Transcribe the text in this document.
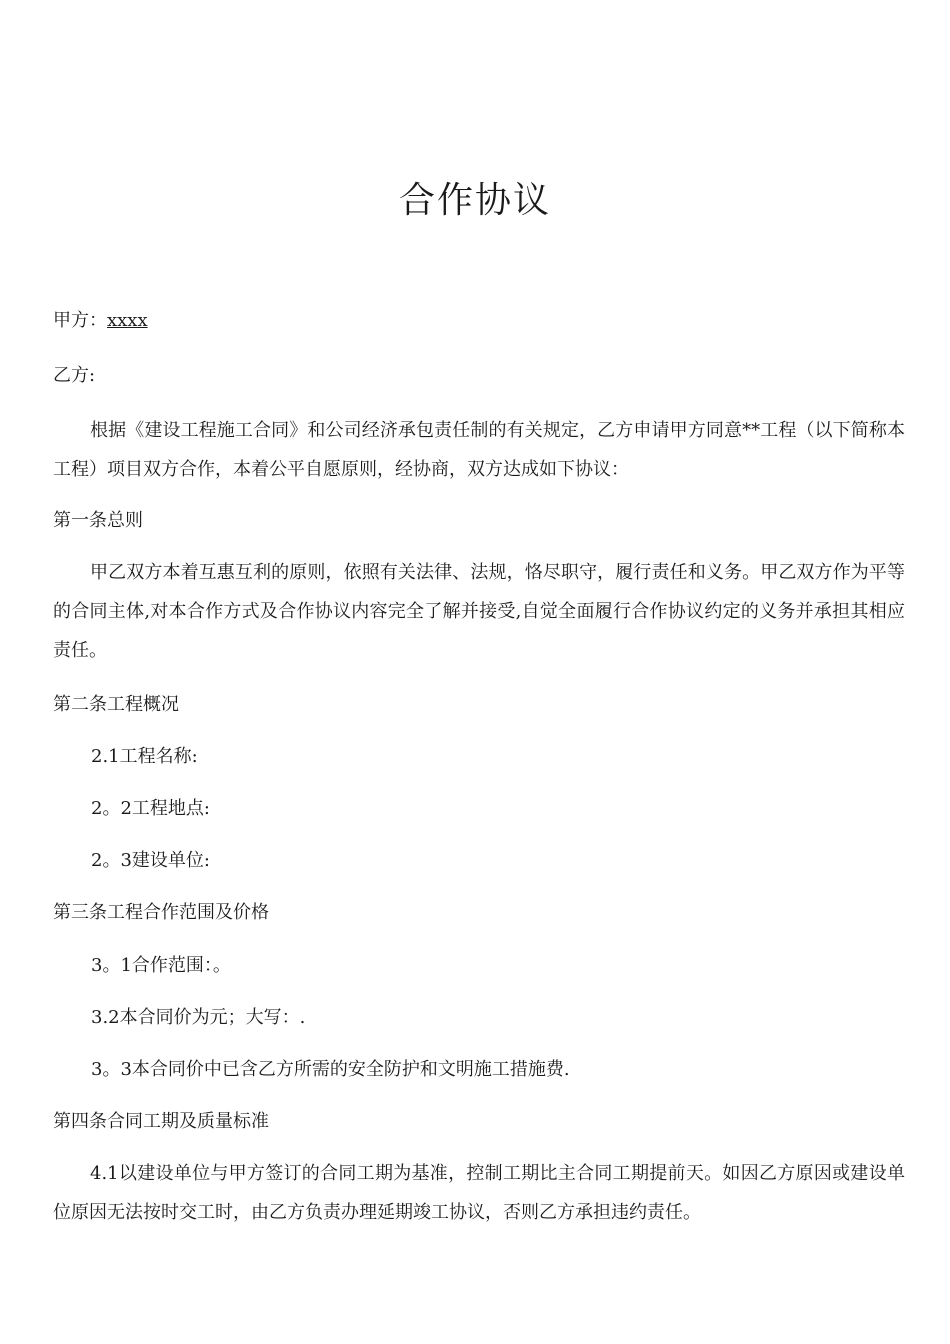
合作协议

甲方：xxxx

乙方:

根据《建设工程施工合同》和公司经济承包责任制的有关规定，乙方申请甲方同意**工程（以下简称本工程）项目双方合作，本着公平自愿原则，经协商，双方达成如下协议：

第一条总则

甲乙双方本着互惠互利的原则，依照有关法律、法规，恪尽职守，履行责任和义务。甲乙双方作为平等的合同主体,对本合作方式及合作协议内容完全了解并接受,自觉全面履行合作协议约定的义务并承担其相应责任。

第二条工程概况

2.1工程名称:

2。2工程地点:

2。3建设单位:

第三条工程合作范围及价格

3。1合作范围：。

3.2本合同价为元；大写：.

3。3本合同价中已含乙方所需的安全防护和文明施工措施费.

第四条合同工期及质量标准

4.1以建设单位与甲方签订的合同工期为基准，控制工期比主合同工期提前天。如因乙方原因或建设单位原因无法按时交工时，由乙方负责办理延期竣工协议，否则乙方承担违约责任。
